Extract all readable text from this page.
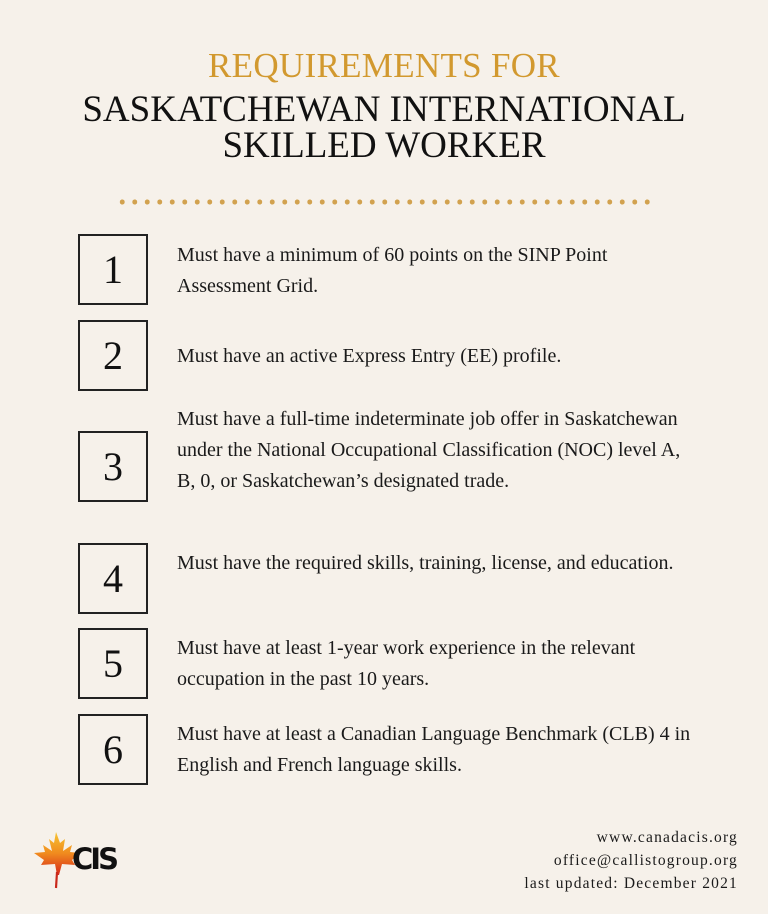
REQUIREMENTS FOR
SASKATCHEWAN INTERNATIONAL
SKILLED WORKER
1	Must have a minimum of 60 points on the SINP Point Assessment Grid.
2	Must have an active Express Entry (EE) profile.
3
Must have a full-time indeterminate job offer in Saskatchewan under the National Occupational Classification (NOC) level A, B, 0, or Saskatchewan’s designated trade.
4	Must have the required skills, training, license, and education.
5	Must have at least 1-year work experience in the relevant occupation in the past 10 years.
6	Must have at least a Canadian Language Benchmark (CLB) 4 in English and French language skills.
CIS
www.canadacis.org
office@callistogroup.org
last updated: December 2021
